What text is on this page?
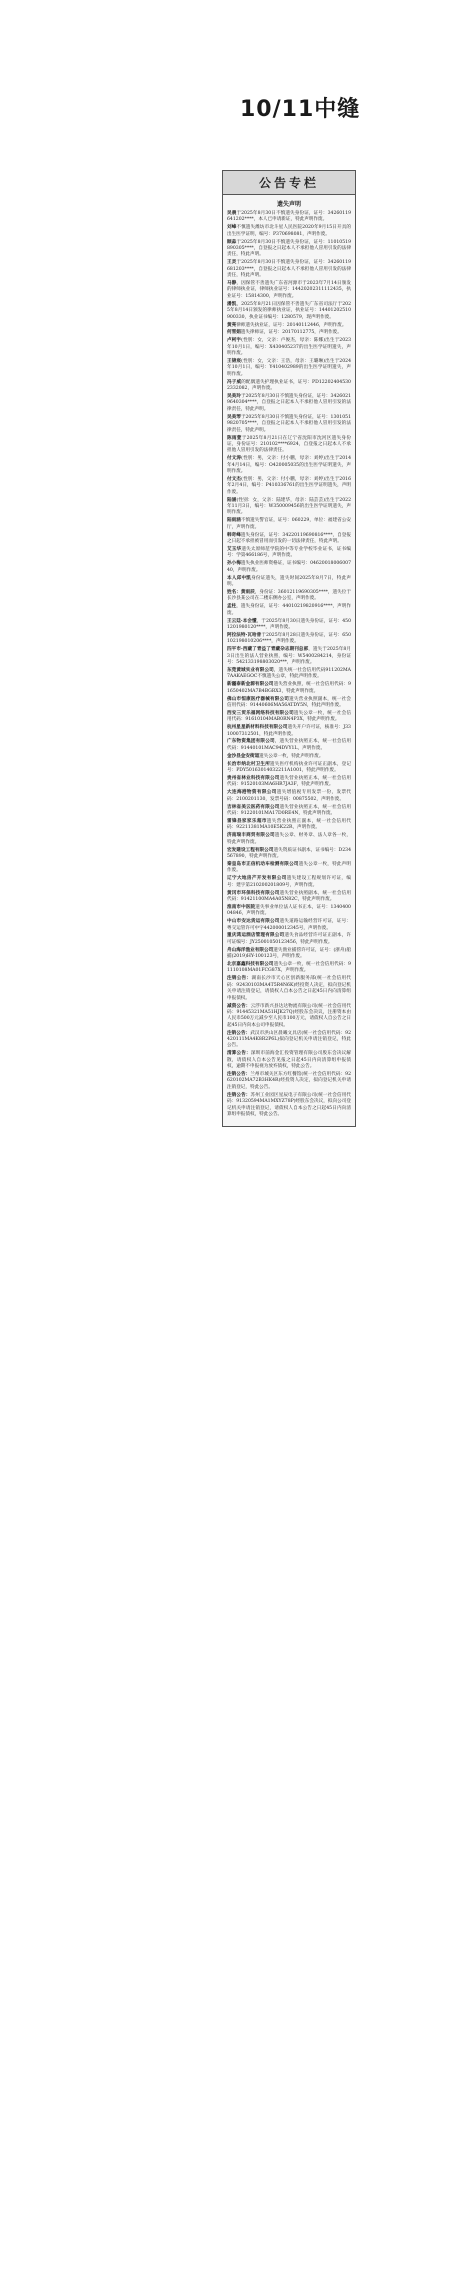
10/11中缝
公告专栏
遗失声明

吴晨于2025年8月30日不慎遗失身份证，证号：34260119641202****，本人已申请新证，特此声明作废。

刘峰不慎遗失潍坊市北斗星人民医院2020年9月15日开具的出生医学证明，编号：P370698081，声明作废。

顾淼于2025年8月30日不慎遗失身份证，证号：11010519890305****，自登报之日起本人不承担他人冒用引发的法律责任，特此声明。

王灵于2025年8月30日不慎遗失身份证，证号：34260119681203****，自登报之日起本人不承担他人冒用引发的法律责任，特此声明。

马静，因保管不善遗失广东省河源市于2023年7月14日颁发的律师执业证，律师执业证号：14420202311112435，执业证号：15814300，声明作废。

潘凯，2025年8月21日因保管不善遗失广东省司法厅于2025年8月14日颁发的律师执业证，执业证号：14401202510900330，执业证书编号：1280579，现声明作废。

黄亮律师遗失执业证，证号：20140112446，声明作废。

何雪娟遗失律师证，证号：20170112775，声明作废。

卢柯宇(性别：女，父亲：卢俊杰，母亲：陈娜)出生于2023年10月1日，编号：X430405237的出生医学证明遗失，声明作废。

王锦宸(性别：女，父亲：王浩，母亲：王璐琳)出生于2024年10月1日，编号：Y410402989的出生医学证明遗失，声明作废。

冯子威的配偶遗失护理执业证书，证号：PD122024045302332082，声明作废。

吴美玲于2025年8月30日不慎遗失身份证，证号：34260219640304****，自登报之日起本人不承担他人冒用引发的法律责任，特此声明。

吴美琴于2025年8月30日不慎遗失身份证，证号：13010519820705****，自登报之日起本人不承担他人冒用引发的法律责任，特此声明。

陈雨萱于2025年8月21日在辽宁省沈阳市沈河区遗失身份证，身份证号：210102****6924，自登报之日起本人不承担他人冒用引发的法律责任。

付文涛(性别：男，父亲：付小鹏，母亲：刘婷)出生于2014年4月14日，编号：O420005035的出生医学证明遗失，声明作废。

付文杰(性别：男，父亲：付小鹏，母亲：刘婷)出生于2016年2月4日，编号：P410336761的出生医学证明遗失，声明作废。

陆涵(性别：女，父亲：陆建华，母亲：陆芸芸)出生于2022年11月3日，编号：W350009456的出生医学证明遗失，声明作废。

陆雨涵不慎遗失警官证，证号：060229，单位：福建省公安厅，声明作废。

韩奇峰遗失身份证，证号：34220119690816****，自登报之日起不承担被冒用而引发的一切法律责任，特此声明。

艾玉华遗失太原师范学院的中等专业学校毕业证书，证书编号：学第466186号，声明作废。

孙小梅遗失执业医师资格证，证书编号：0462001800600740，声明作废。

本人邱中凯身份证遗失，遗失时间2025年8月7日，特此声明。

姓名：黄雨辰，身份证：36012119690305****，遗失位于长沙县某公司在二楼东侧办公室，声明作废。

孟柱，遗失身份证，证号：44010219820916****，声明作废。

王云廷·本会懂，于2025年8月30日遗失身份证，证号：4501201980120****，声明作废。

阿拉法特·瓦哈普于2025年8月28日遗失身份证，证号：650102198010206****，声明作废。

四平市·西藏了青益了青藏杂志期刊总部，遗失于2025年8月3日出生的法人营业执照，编号：W5400284214，身份证号：542133198803020***，声明作废。

东莞黄城实业有限公司，遗失统一社会信用代码911202MA7AAKAEGOC不慎遗失公章，特此声明作废。

新疆泰新金源有限公司遗失营业执照，统一社会信用代码：91650402MA7B4BGRX3，特此声明作废。

佛山市恒康医疗器械有限公司遗失营业执照副本，统一社会信用代码：91440606MA56ATDY5N，特此声明作废。

西安三贸乐福网络科技有限公司遗失公章一枚，统一社会信用代码：91610104MAB0RN4P3X，特此声明作废。

杭州星星新材料科技有限公司遗失开户许可证，核准号：J3310007312501，特此声明作废。

广东物资集团有限公司，遗失营业执照正本，统一社会信用代码：91440101MAC94DVY1L，声明作废。

金沙县金安街道遗失公章一枚，特此声明作废。

长治市纳北村卫生所遗失医疗机构执业许可证正副本，登记号：PDY50163014032211A1001，特此声明作废。

贵州省林业科技有限公司遗失营业执照正本，统一社会信用代码：91520103MA6HR7JA3F，特此声明作废。

大连海港物资有限公司遗失增值税专用发票一份，发票代码：2100201130，发票号码：00875502，声明作废。

吉林省美云医药有限公司遗失营业执照正本，统一社会信用代码：91220101MA17D0RE4N，特此声明作废。

雷锋县家家乐超市遗失营业执照正副本，统一社会信用代码：92211381MA10E5K22R，声明作废。

济南瑞丰商贸有限公司遗失公章、财务章、法人章各一枚，特此声明作废。

宏发建设工程有限公司遗失资质证书副本，证书编号：D234567890，特此声明作废。

秦皇岛市正信机动车检测有限公司遗失公章一枚，特此声明作废。

辽宁大地房产开发有限公司遗失建设工程规划许可证，编号：建字第210200201809号，声明作废。

黄冈市环保科技有限公司遗失营业执照副本，统一社会信用代码：91421100MA4A05N82C，特此声明作废。

淮南市中医院遗失事业单位法人证书正本，证号：134040004846，声明作废。

中山市安达货运有限公司遗失道路运输经营许可证，证号：粤交运管许可中字442000012345号，声明作废。

重庆鸿运酒店管理有限公司遗失食品经营许可证正副本，许可证编号：JY25001050123456，特此声明作废。

舟山海洋渔业有限公司遗失渔业捕捞许可证，证号：(浙舟)船捕(2019)HY-100123号，声明作废。

北京嘉鑫科技有限公司遗失公章一枚，统一社会信用代码：91110108MA01FCG87X，声明作废。

注销公告：湖南长沙市天心区创新服务部(统一社会信用代码：92430103MA4T5R4N6K)经投资人决定，拟向登记机关申请注销登记，请债权人自本公告之日起45日内向清算组申报债权。

减资公告：云浮市新兴县达达物流有限公司(统一社会信用代码：91445321MA51HJK27Q)经股东会决议，注册资本由人民币500万元减少至人民币100万元，请债权人自公告之日起45日内向本公司申报债权。

注销公告：武汉市洪山区晨曦文具店(统一社会信用代码：92420111MA4K8R2P6L)拟向登记机关申请注销登记，特此公告。

清算公告：深圳市前海金汇投资管理有限公司股东会决议解散，请债权人自本公告见报之日起45日内向清算组申报债权，逾期不申报视为放弃债权，特此公告。

注销公告：兰州市城关区东方红餐馆(统一社会信用代码：92620102MA72B3HK4R)经投资人决定，拟向登记机关申请注销登记，特此公告。

注销公告：苏州工业园区星辰电子有限公司(统一社会信用代码：91320594MA1MXYZ78P)经股东会决议，拟向公司登记机关申请注销登记，请债权人自本公告之日起45日内向清算组申报债权，特此公告。
